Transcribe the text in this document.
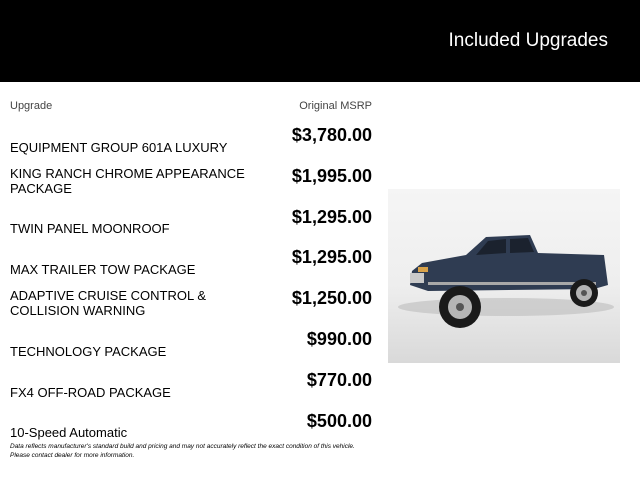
Included Upgrades
Upgrade	Original MSRP
EQUIPMENT GROUP 601A LUXURY
$3,780.00
KING RANCH CHROME APPEARANCE PACKAGE
$1,995.00
TWIN PANEL MOONROOF
$1,295.00
MAX TRAILER TOW PACKAGE
$1,295.00
ADAPTIVE CRUISE CONTROL & COLLISION WARNING
$1,250.00
TECHNOLOGY PACKAGE
$990.00
FX4 OFF-ROAD PACKAGE
$770.00
10-Speed Automatic
$500.00
Data reflects manufacturer's standard build and pricing and may not accurately reflect the exact condition of this vehicle.
Please contact dealer for more information.
